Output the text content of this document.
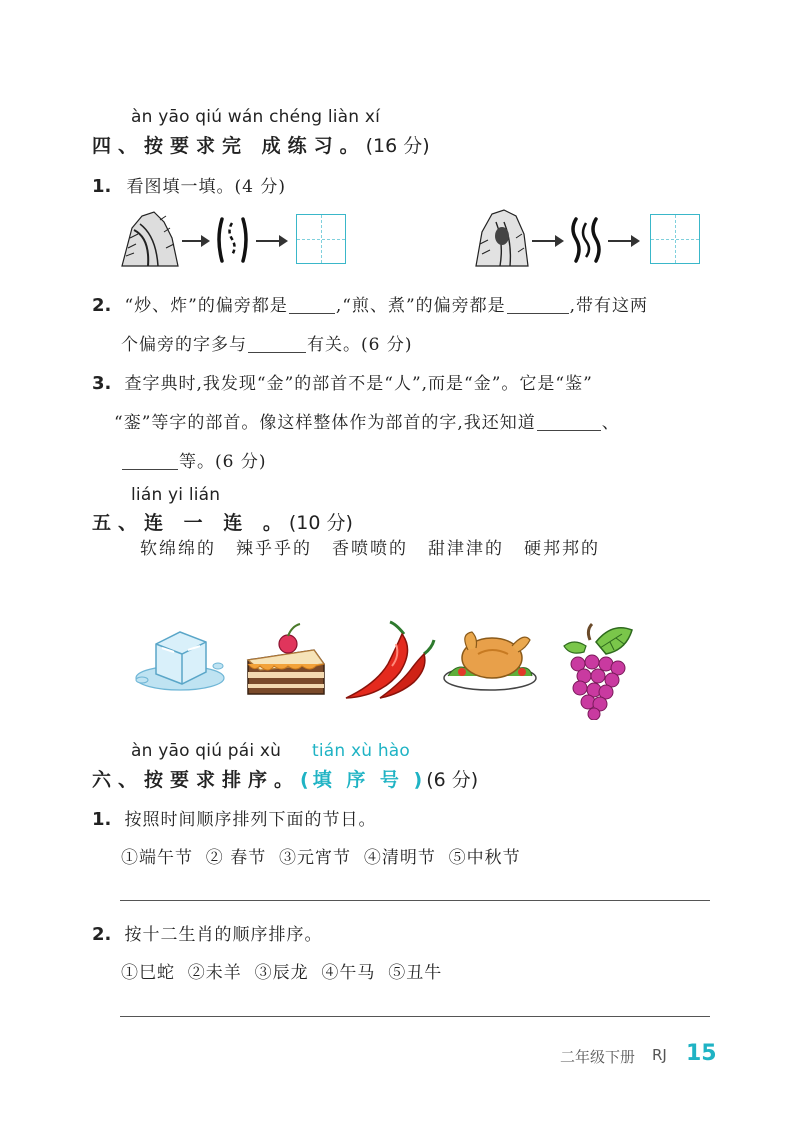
àn yāo qiú wán chéng liàn xí
四、按要求完 成练习。(16 分)
1. 看图填一填。(4 分)
2. “炒、炸”的偏旁都是	,“煎、煮”的偏旁都是	,带有这两
个偏旁的字多与	有关。(6 分)
3. 查字典时,我发现“金”的部首不是“人”,而是“金”。它是“鉴”
“銮”等字的部首。像这样整体作为部首的字,我还知道	、
等。(6 分)
lián yi lián
五、连 一 连 。(10 分)
软绵绵的 辣乎乎的 香喷喷的 甜津津的 硬邦邦的
àn yāo qiú pái xù tián xù hào
六、按要求排序。(填 序 号 )(6 分)
1. 按照时间顺序排列下面的节日。
①端午节  ② 春节  ③元宵节  ④清明节  ⑤中秋节
2. 按十二生肖的顺序排序。
①巳蛇  ②未羊  ③辰龙  ④午马  ⑤丑牛
二年级下册 RJ 15
